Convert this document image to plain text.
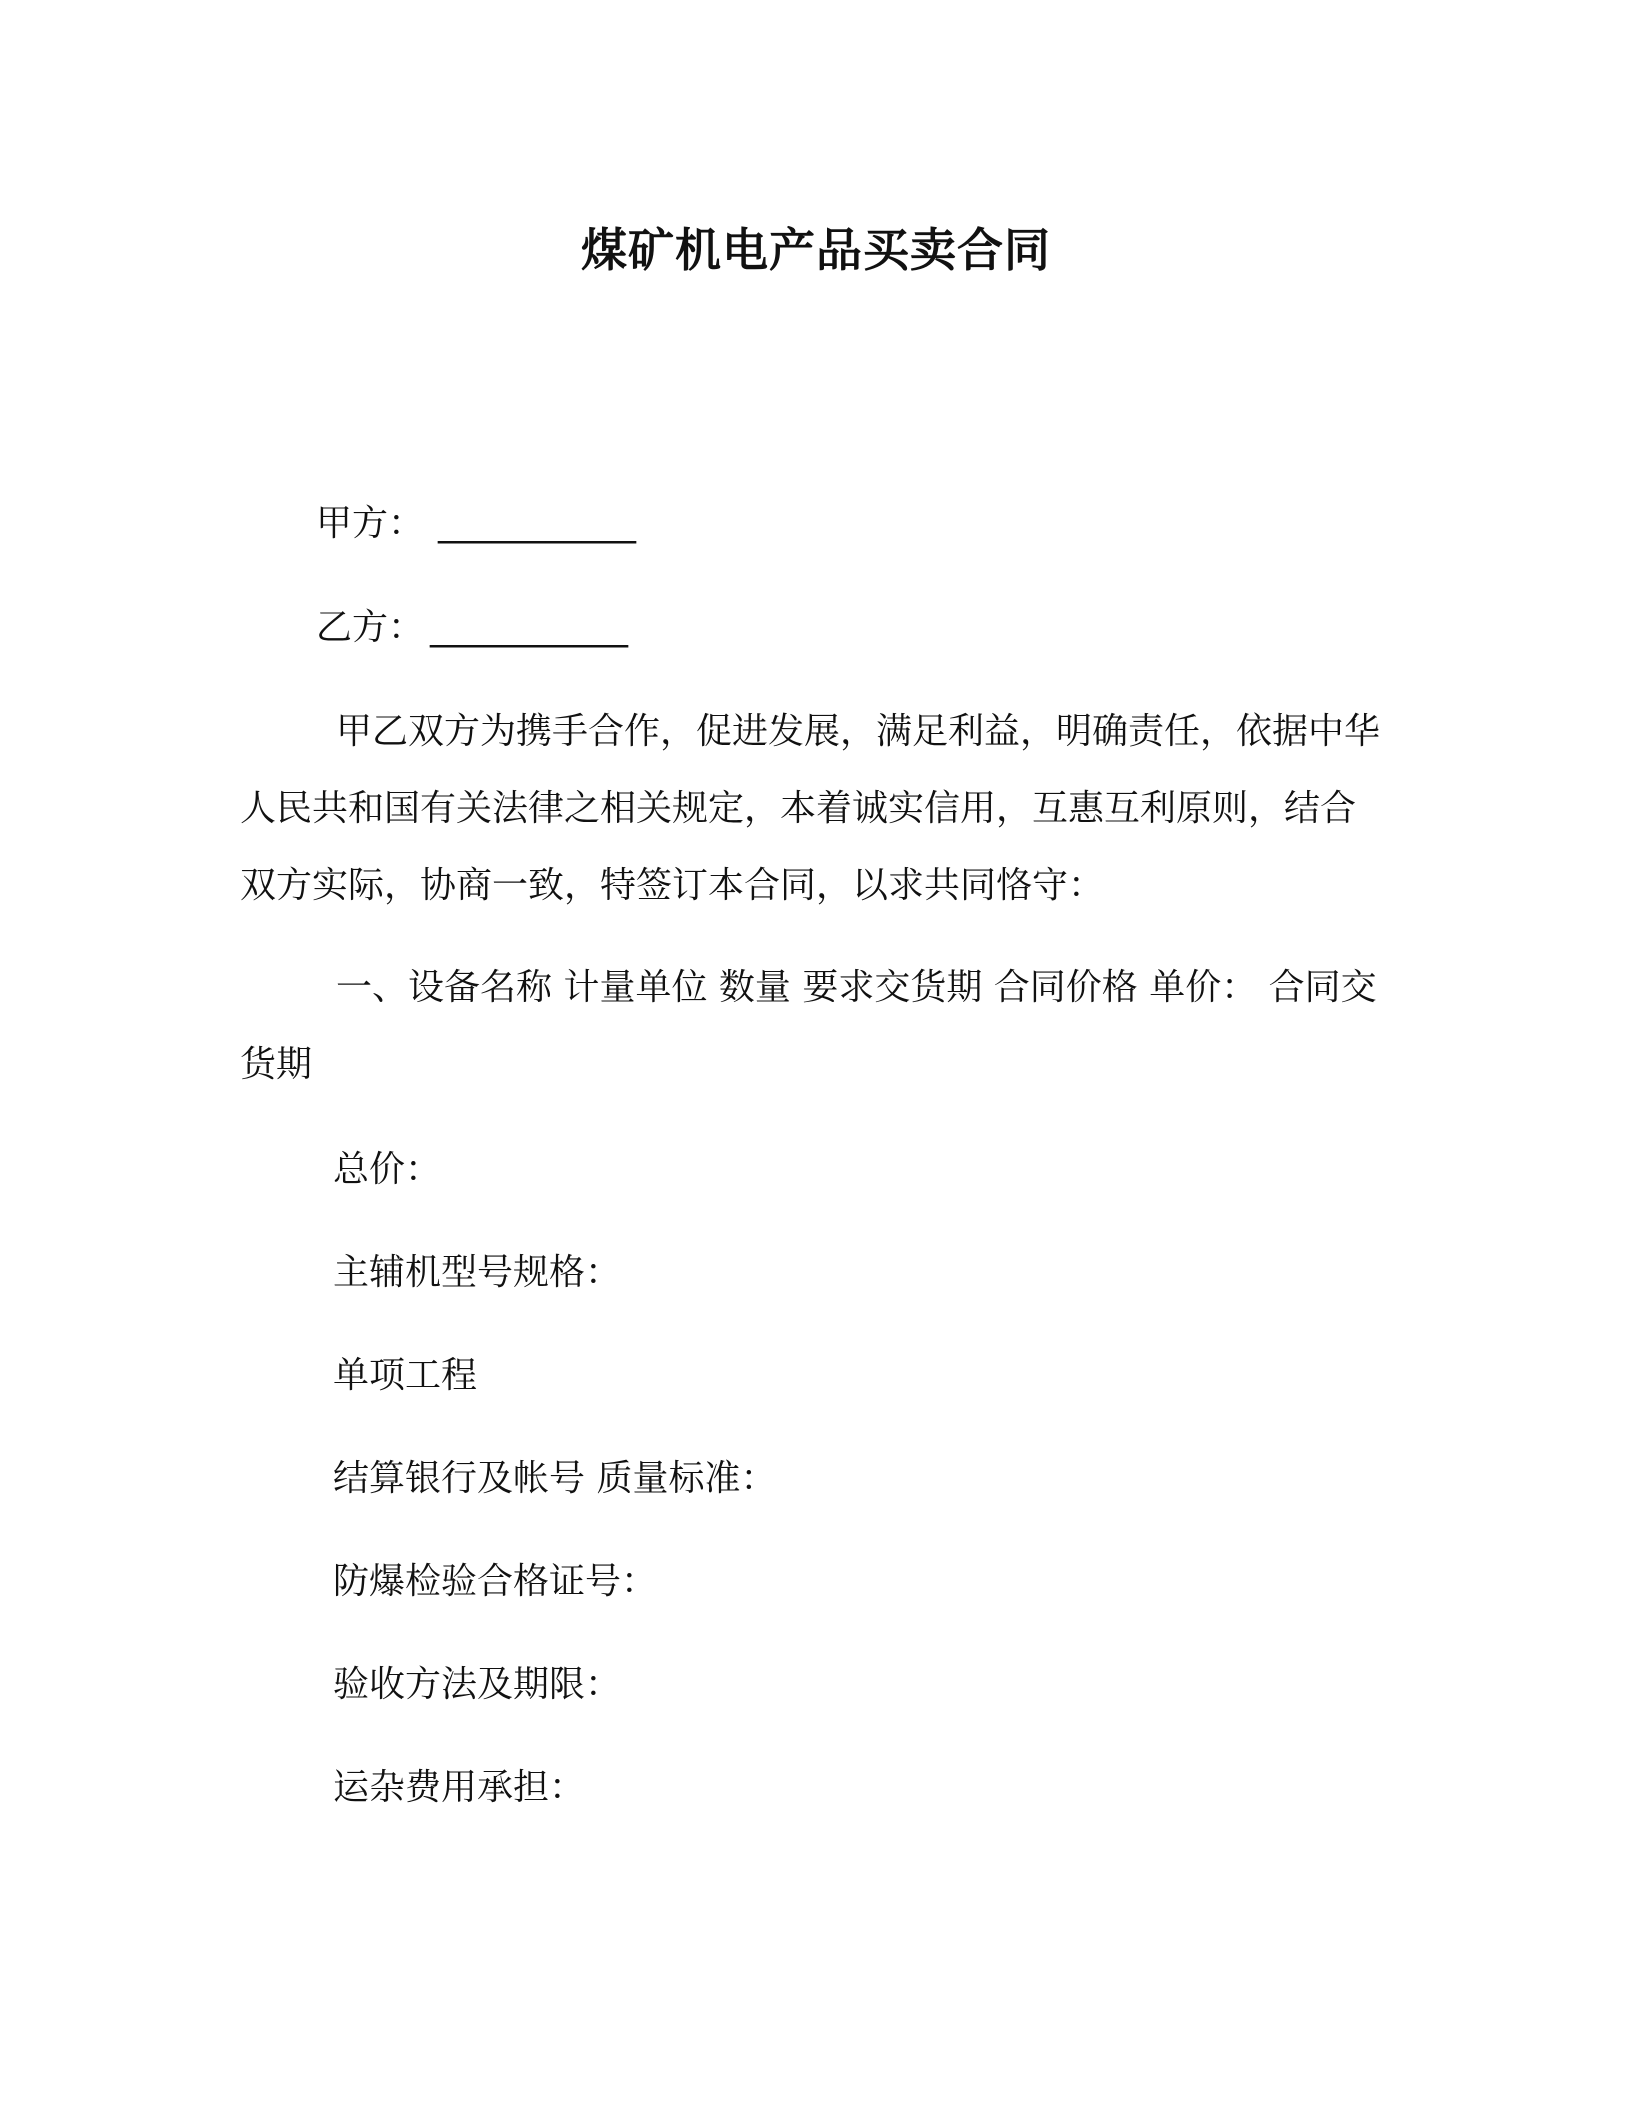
煤矿机电产品买卖合同
甲方： ___________
乙方： ___________
甲乙双方为携手合作，促进发展，满足利益，明确责任，依据中华人民共和国有关法律之相关规定，本着诚实信用，互惠互利原则，结合双方实际，协商一致，特签订本合同，以求共同恪守：
一、设备名称 计量单位 数量 要求交货期 合同价格 单价： 合同交货期
总价：
主辅机型号规格：
单项工程
结算银行及帐号 质量标准：
防爆检验合格证号：
验收方法及期限：
运杂费用承担：
